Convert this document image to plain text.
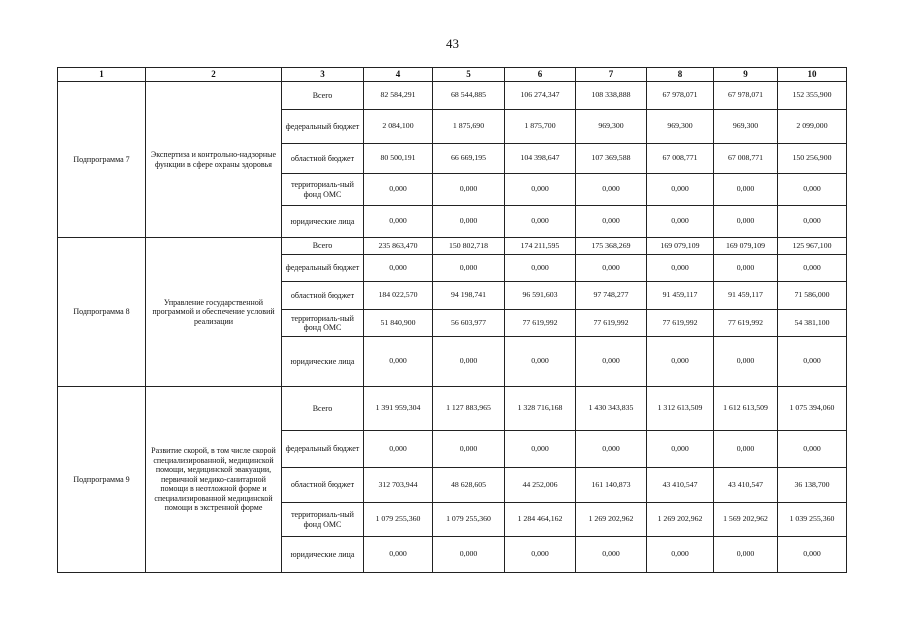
43
1	2	3	4	5	6	7	8	9	10
Подпрограмма 7	Экспертиза и контрольно-надзорные функции в сфере охраны здоровья	Всего	82 584,291	68 544,885	106 274,347	108 338,888	67 978,071	67 978,071	152 355,900
		федеральный бюджет	2 084,100	1 875,690	1 875,700	969,300	969,300	969,300	2 099,000
		областной бюджет	80 500,191	66 669,195	104 398,647	107 369,588	67 008,771	67 008,771	150 256,900
		территориаль-ный фонд ОМС	0,000	0,000	0,000	0,000	0,000	0,000	0,000
		юридические лица	0,000	0,000	0,000	0,000	0,000	0,000	0,000
Подпрограмма 8	Управление государственной программой и обеспечение условий реализации	Всего	235 863,470	150 802,718	174 211,595	175 368,269	169 079,109	169 079,109	125 967,100
		федеральный бюджет	0,000	0,000	0,000	0,000	0,000	0,000	0,000
		областной бюджет	184 022,570	94 198,741	96 591,603	97 748,277	91 459,117	91 459,117	71 586,000
		территориаль-ный фонд ОМС	51 840,900	56 603,977	77 619,992	77 619,992	77 619,992	77 619,992	54 381,100
		юридические лица	0,000	0,000	0,000	0,000	0,000	0,000	0,000
Подпрограмма 9	Развитие скорой, в том числе скорой специализированной, медицинской помощи, медицинской эвакуации, первичной медико-санитарной помощи в неотложной форме и специализированной медицинской помощи в экстренной форме	Всего	1 391 959,304	1 127 883,965	1 328 716,168	1 430 343,835	1 312 613,509	1 612 613,509	1 075 394,060
		федеральный бюджет	0,000	0,000	0,000	0,000	0,000	0,000	0,000
		областной бюджет	312 703,944	48 628,605	44 252,006	161 140,873	43 410,547	43 410,547	36 138,700
		территориаль-ный фонд ОМС	1 079 255,360	1 079 255,360	1 284 464,162	1 269 202,962	1 269 202,962	1 569 202,962	1 039 255,360
		юридические лица	0,000	0,000	0,000	0,000	0,000	0,000	0,000
